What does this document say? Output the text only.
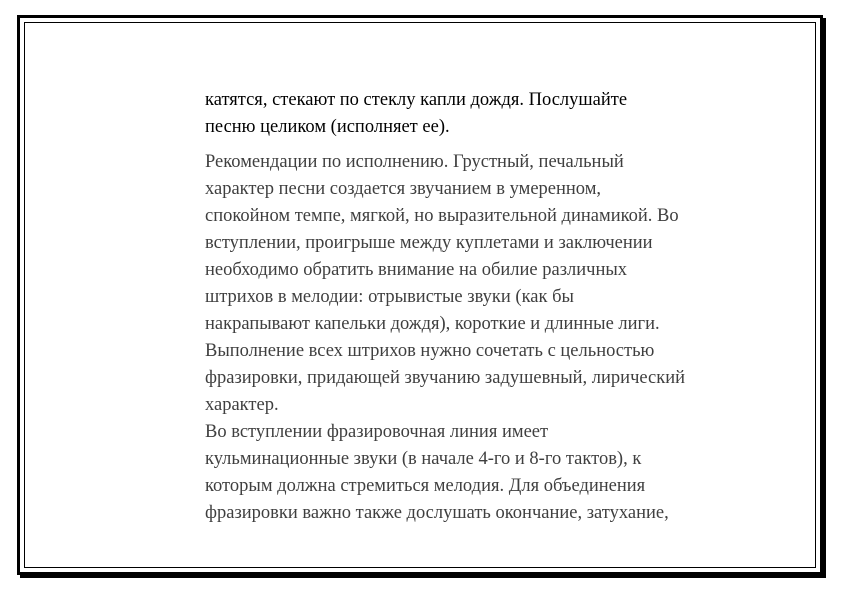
катятся, стекают по стеклу капли дождя. Послушайте

песню целиком (исполняет ее).

Рекомендации по исполнению. Грустный, печальный

характер песни создается звучанием в умеренном,

спокойном темпе, мягкой, но выразительной динамикой. Во

вступлении, проигрыше между куплетами и заключении

необходимо обратить внимание на обилие различных

штрихов в мелодии: отрывистые звуки (как бы

накрапывают капельки дождя), короткие и длинные лиги.

Выполнение всех штрихов нужно сочетать с цельностью

фразировки, придающей звучанию задушевный, лирический

характер.

Во вступлении фразировочная линия имеет

кульминационные звуки (в начале 4-го и 8-го тактов), к

которым должна стремиться мелодия. Для объединения

фразировки важно также дослушать окончание, затухание,
